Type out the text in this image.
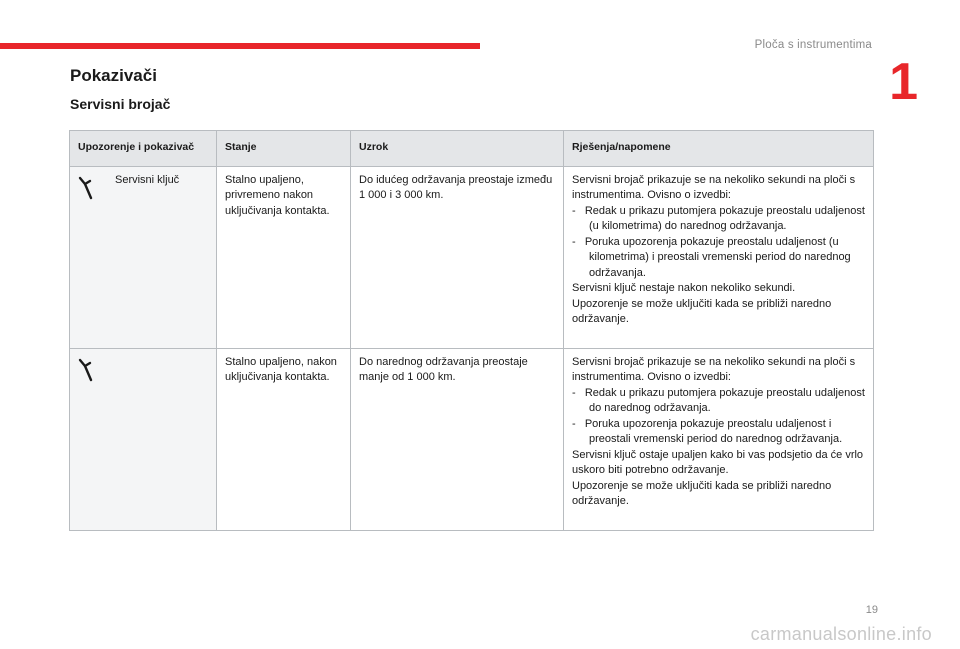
Ploča s instrumentima
1
Pokazivači
Servisni brojač
Upozorenje i pokazivač		Stanje	Uzrok	Rješenja/napomene

	Servisni ključ	Stalno upaljeno, privremeno nakon uključivanja kontakta.	Do idućeg održavanja preostaje između 1 000 i 3 000 km.	Servisni brojač prikazuje se na nekoliko sekundi na ploči s instrumentima. Ovisno o izvedbi:
-   Redak u prikazu putomjera pokazuje preostalu udaljenost (u kilometrima) do narednog održavanja.
-   Poruka upozorenja pokazuje preostalu udaljenost (u kilometrima) i preostali vremenski period do narednog održavanja.
Servisni ključ nestaje nakon nekoliko sekundi.
Upozorenje se može uključiti kada se približi naredno održavanje.

		Stalno upaljeno, nakon uključivanja kontakta.	Do narednog održavanja preostaje manje od 1 000 km.	Servisni brojač prikazuje se na nekoliko sekundi na ploči s instrumentima. Ovisno o izvedbi:
-   Redak u prikazu putomjera pokazuje preostalu udaljenost do narednog održavanja.
-   Poruka upozorenja pokazuje preostalu udaljenost i preostali vremenski period do narednog održavanja.
Servisni ključ ostaje upaljen kako bi vas podsjetio da će vrlo uskoro biti potrebno održavanje.
Upozorenje se može uključiti kada se približi naredno održavanje.
19
carmanualsonline.info
